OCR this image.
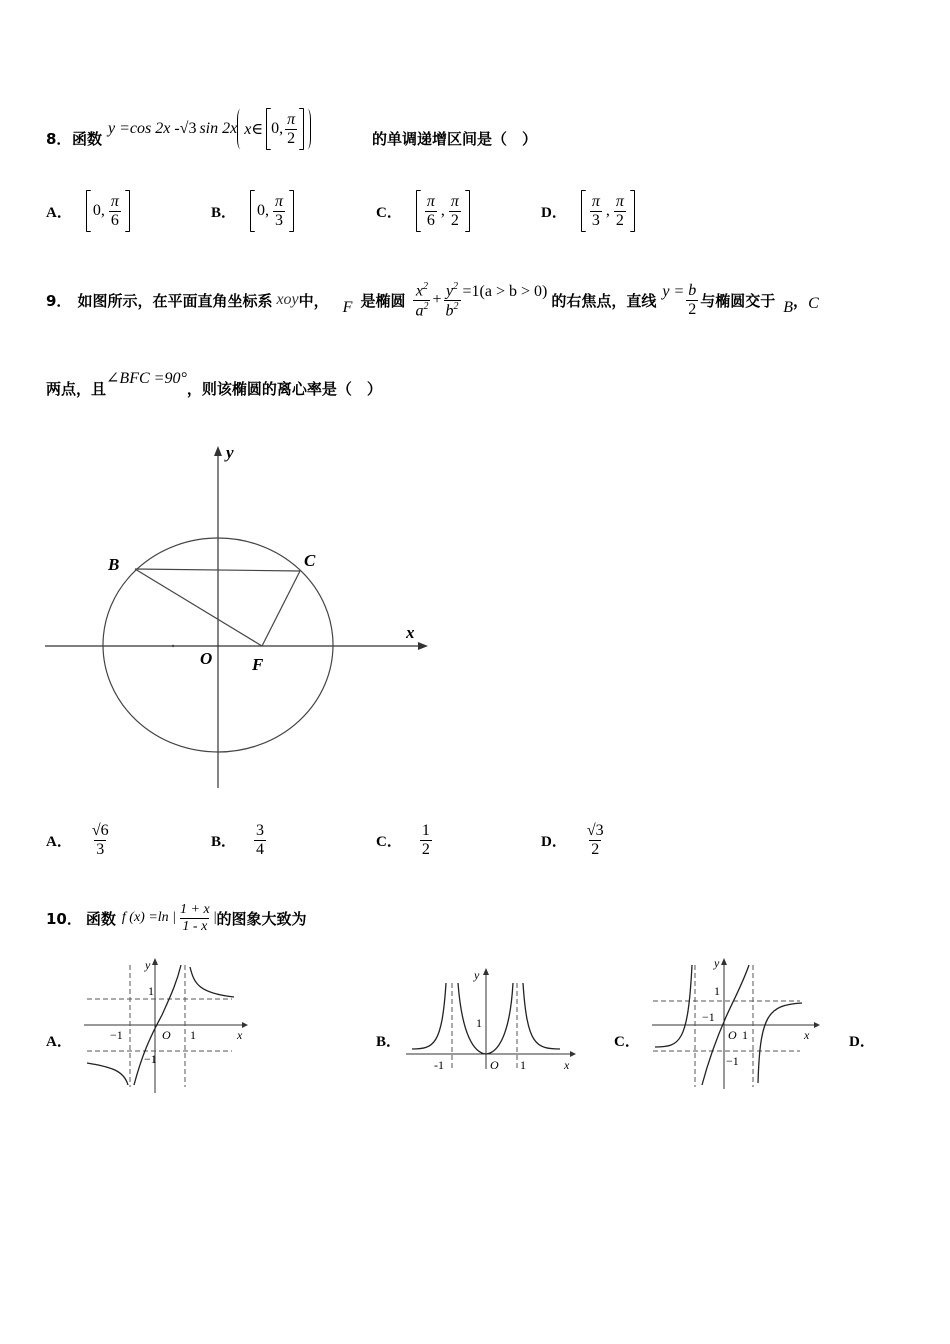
8． 函数
y =cos 2x - √3 sin 2x x∈ 0, $\frac{\pi}{2}$	的单调递增区间是（　）
A． 0, $\frac{\pi}{6}$	B． 0, $\frac{\pi}{3}$	C． $\frac{\pi}{6}$ , $\frac{\pi}{2}$	D． $\frac{\pi}{3}$ , $\frac{\pi}{2}$
9． 如图所示，在平面直角坐标系 xoy 中， F 是椭圆 $\frac{x^2}{a^2} + \frac{y^2}{b^2} =1(a > b > 0)$ 的右焦点，直线 $y = \frac{b}{2}$ 与椭圆交于 B ， C
两点，且
∠BFC =90°
，则该椭圆的离心率是（　）
y
x
B	C
O F
A． $\frac{√6}{3}$	B． $\frac{3}{4}$	C． $\frac{1}{2}$	D． $\frac{√3}{2}$
10． 函数 f (x) =ln | $\frac{1 + x}{1 - x}$ | 的图象大致为
A．	B．	C．	D．
y
x
1
−1	O 1
−1
y
x
1
-1	O 1
y
x
1
−1
O 1
−1
